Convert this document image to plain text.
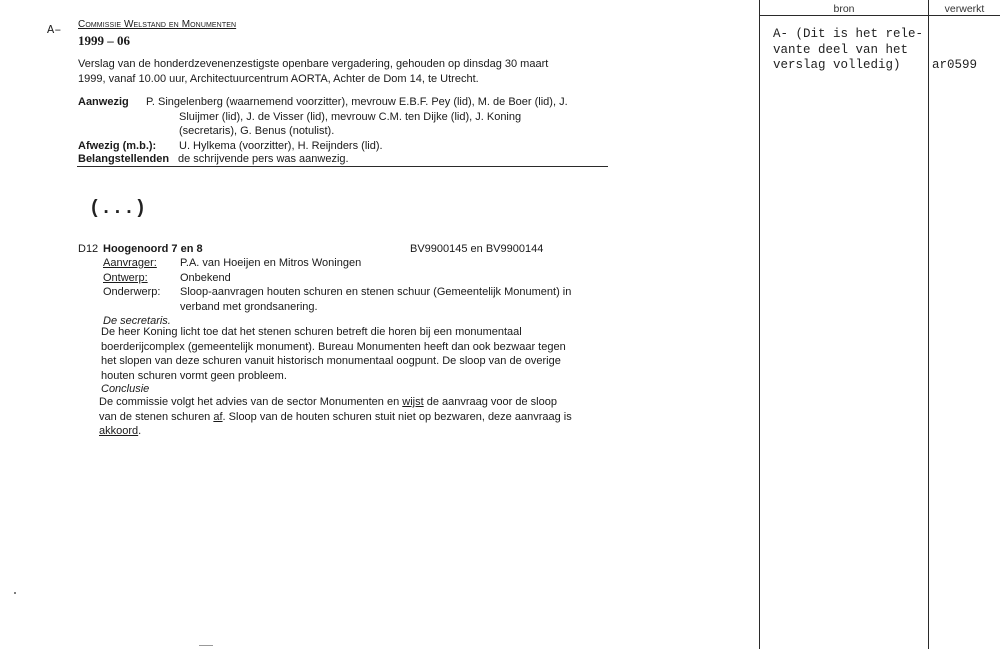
bron	verwerkt
A- (Dit is het rele-
vante deel van het
verslag volledig)	ar0599
A– Commissie Welstand en Monumenten
1999 – 06
Verslag van de honderdzevenenzestigste openbare vergadering, gehouden op dinsdag 30 maart
1999, vanaf 10.00 uur, Architectuurcentrum AORTA, Achter de Dom 14, te Utrecht.
Aanwezig P. Singelenberg (waarnemend voorzitter), mevrouw E.B.F. Pey (lid), M. de Boer (lid), J.
Sluijmer (lid), J. de Visser (lid), mevrouw C.M. ten Dijke (lid), J. Koning
(secretaris), G. Benus (notulist).
Afwezig (m.b.): U. Hylkema (voorzitter), H. Reijnders (lid).
Belangstellenden de schrijvende pers was aanwezig.
(...)
D12 Hoogenoord 7 en 8	BV9900145 en BV9900144
Aanvrager: P.A. van Hoeijen en Mitros Woningen
Ontwerp:	Onbekend
Onderwerp: Sloop-aanvragen houten schuren en stenen schuur (Gemeentelijk Monument) in
verband met grondsanering.
De secretaris.
De heer Koning licht toe dat het stenen schuren betreft die horen bij een monumentaal
boerderijcomplex (gemeentelijk monument). Bureau Monumenten heeft dan ook bezwaar tegen
het slopen van deze schuren vanuit historisch monumentaal oogpunt. De sloop van de overige
houten schuren vormt geen probleem.
Conclusie
De commissie volgt het advies van de sector Monumenten en wijst de aanvraag voor de sloop
van de stenen schuren af. Sloop van de houten schuren stuit niet op bezwaren, deze aanvraag is
akkoord.
